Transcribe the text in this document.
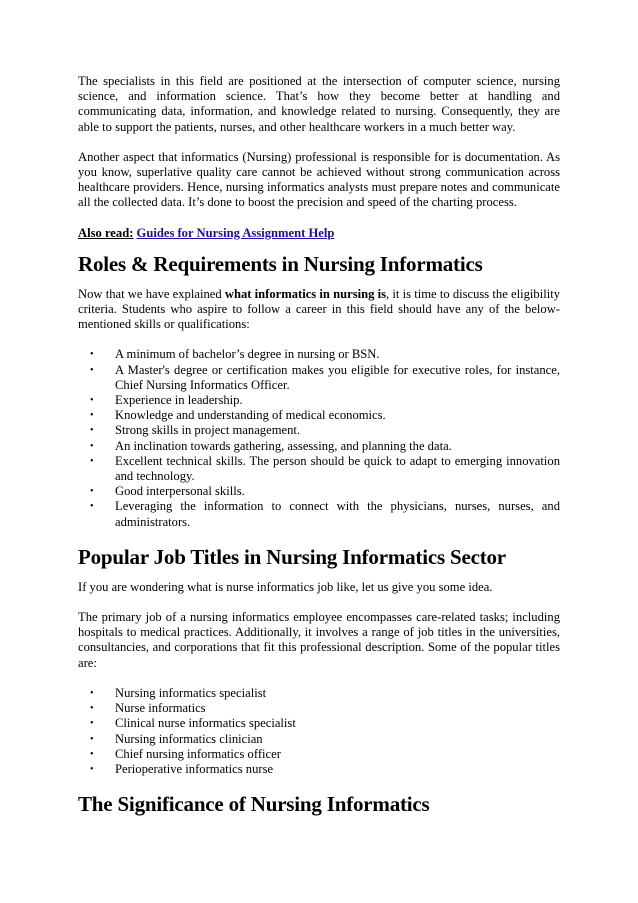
The specialists in this field are positioned at the intersection of computer science, nursing science, and information science. That’s how they become better at handling and communicating data, information, and knowledge related to nursing. Consequently, they are able to support the patients, nurses, and other healthcare workers in a much better way.

Another aspect that informatics (Nursing) professional is responsible for is documentation. As you know, superlative quality care cannot be achieved without strong communication across healthcare providers. Hence, nursing informatics analysts must prepare notes and communicate all the collected data. It’s done to boost the precision and speed of the charting process.

Also read: Guides for Nursing Assignment Help

Roles & Requirements in Nursing Informatics

Now that we have explained what informatics in nursing is, it is time to discuss the eligibility criteria. Students who aspire to follow a career in this field should have any of the below-mentioned skills or qualifications:

• A minimum of bachelor’s degree in nursing or BSN.
• A Master's degree or certification makes you eligible for executive roles, for instance, Chief Nursing Informatics Officer.
• Experience in leadership.
• Knowledge and understanding of medical economics.
• Strong skills in project management.
• An inclination towards gathering, assessing, and planning the data.
• Excellent technical skills. The person should be quick to adapt to emerging innovation and technology.
• Good interpersonal skills.
• Leveraging the information to connect with the physicians, nurses, nurses, and administrators.
Popular Job Titles in Nursing Informatics Sector

If you are wondering what is nurse informatics job like, let us give you some idea.

The primary job of a nursing informatics employee encompasses care-related tasks; including hospitals to medical practices. Additionally, it involves a range of job titles in the universities, consultancies, and corporations that fit this professional description. Some of the popular titles are:

• Nursing informatics specialist
• Nurse informatics
• Clinical nurse informatics specialist
• Nursing informatics clinician
• Chief nursing informatics officer
• Perioperative informatics nurse
The Significance of Nursing Informatics
